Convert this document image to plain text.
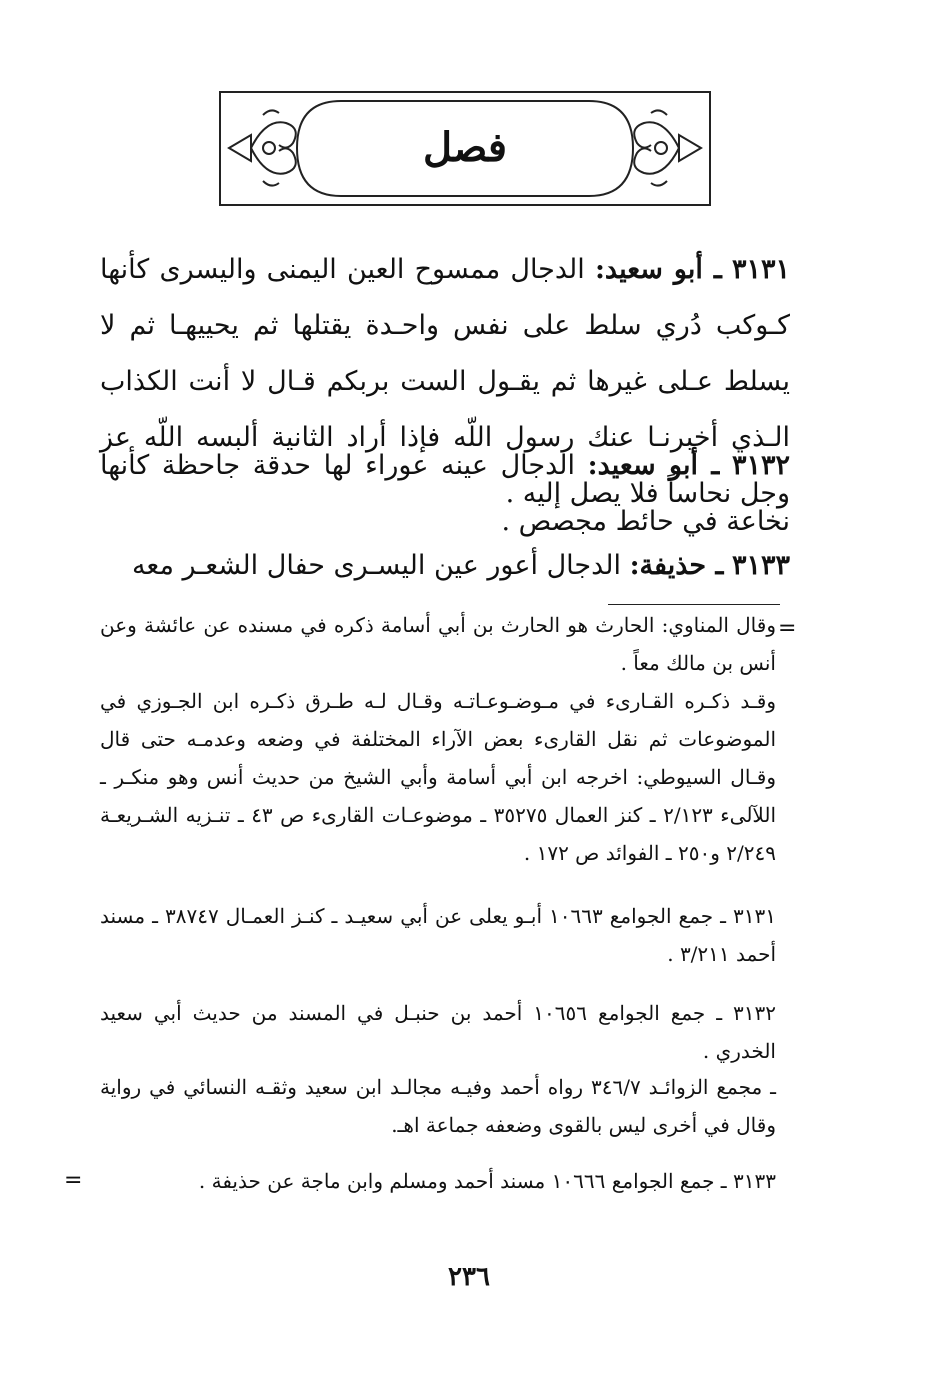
فصل
٣١٣١ ـ أبو سعيد: الدجال ممسوح العين اليمنى واليسرى كأنها كـوكب دُري سلط على نفس واحـدة يقتلها ثم يحييهـا ثم لا يسلط عـلى غيرها ثم يقـول الست بربكم قـال لا أنت الكذاب الـذي أخبرنـا عنك رسول اللّه فإذا أراد الثانية ألبسه اللّه عز وجل نحاساً فلا يصل إليه .
٣١٣٢ ـ أبو سعيد: الدجال عينه عوراء لها حدقة جاحظة كأنها نخاعة في حائط مجصص .
٣١٣٣ ـ حذيفة: الدجال أعور عين اليسـرى حفال الشعـر معه
=
وقال المناوي: الحارث هو الحارث بن أبي أسامة ذكره في مسنده عن عائشة وعن أنس بن مالك معاً .
وقـد ذكـره القـارىء في مـوضـوعـاتـه وقـال لـه طـرق ذكـره ابن الجـوزي في الموضوعات ثم نقل القارىء بعض الآراء المختلفة في وضعه وعدمـه حتى قال وقـال السيوطي: اخرجه ابن أبي أسامة وأبي الشيخ من حديث أنس وهو منكـر ـ اللآلىء ٢/١٢٣ ـ كنز العمال ٣٥٢٧٥ ـ موضوعـات القارىء ص ٤٣ ـ تنـزيه الشـريعـة ٢/٢٤٩ و٢٥٠ ـ الفوائد ص ١٧٢ .
٣١٣١ ـ جمع الجوامع ١٠٦٦٣ أبـو يعلى عن أبي سعيـد ـ كنـز العمـال ٣٨٧٤٧ ـ مسند أحمد ٣/٢١١ .
٣١٣٢ ـ جمع الجوامع ١٠٦٥٦ أحمد بن حنبـل في المسند من حديث أبي سعيد الخدري .
ـ مجمع الزوائـد ٣٤٦/٧ رواه أحمد وفيـه مجالـد ابن سعيد وثقـه النسائي في رواية وقال في أخرى ليس بالقوى وضعفه جماعة اهـ.
٣١٣٣ ـ جمع الجوامع ١٠٦٦٦ مسند أحمد ومسلم وابن ماجة عن حذيفة .
=
٢٣٦
